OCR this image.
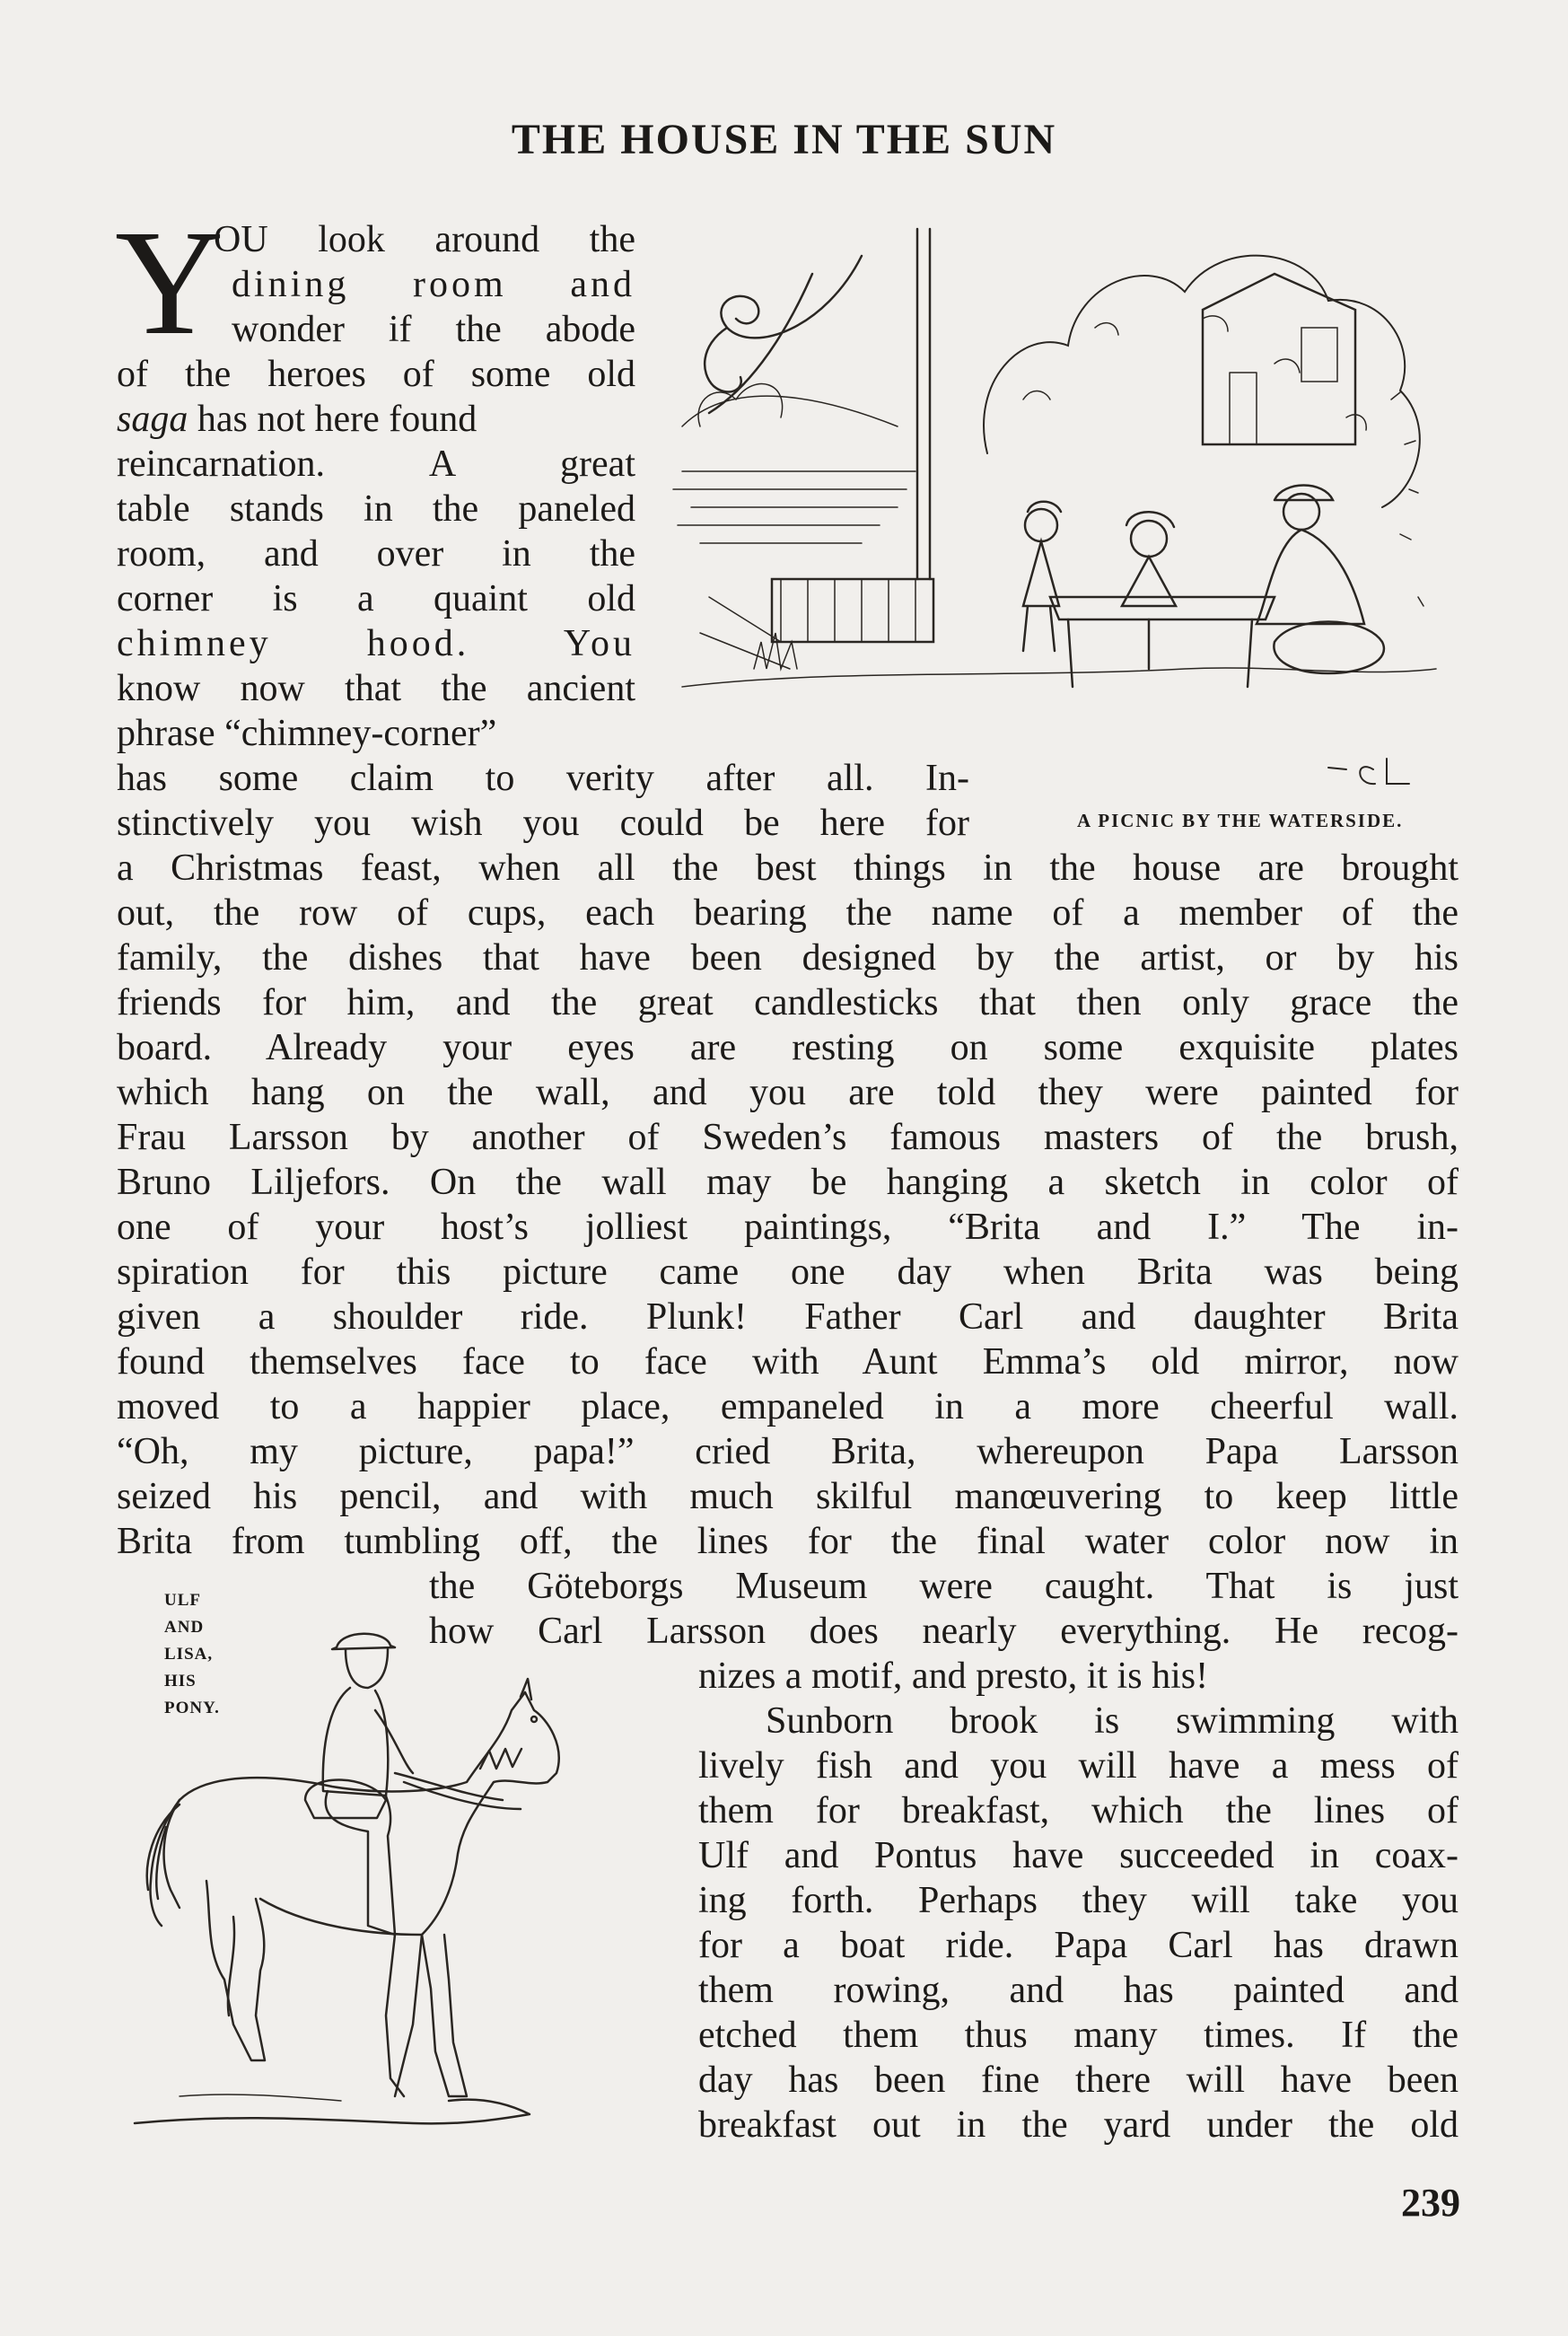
THE HOUSE IN THE SUN
Y
OU look around the
dining room and
wonder if the abode
of the heroes of some old
saga has not here found
reincarnation. A great
table stands in the paneled
room, and over in the
corner is a quaint old
chimney hood. You
know now that the ancient
phrase “chimney-corner”
has some claim to verity after all. In-
stinctively you wish you could be here for	A PICNIC BY THE WATERSIDE.
a Christmas feast, when all the best things in the house are brought
out, the row of cups, each bearing the name of a member of the
family, the dishes that have been designed by the artist, or by his
friends for him, and the great candlesticks that then only grace the
board. Already your eyes are resting on some exquisite plates
which hang on the wall, and you are told they were painted for
Frau Larsson by another of Sweden’s famous masters of the brush,
Bruno Liljefors. On the wall may be hanging a sketch in color of
one of your host’s jolliest paintings, “Brita and I.” The in-
spiration for this picture came one day when Brita was being
given a shoulder ride. Plunk! Father Carl and daughter Brita
found themselves face to face with Aunt Emma’s old mirror, now
moved to a happier place, empaneled in a more cheerful wall.
“Oh, my picture, papa!” cried Brita, whereupon Papa Larsson
seized his pencil, and with much skilful manœuvering to keep little
Brita from tumbling off, the lines for the final water color now in
the Göteborgs Museum were caught. That is just
how Carl Larsson does nearly everything. He recog-
nizes a motif, and presto, it is his!
ULF
AND
LISA,
HIS
PONY.	Sunborn brook is swimming with
lively fish and you will have a mess of
them for breakfast, which the lines of
Ulf and Pontus have succeeded in coax-
ing forth. Perhaps they will take you
for a boat ride. Papa Carl has drawn
them rowing, and has painted and
etched them thus many times. If the
day has been fine there will have been
breakfast out in the yard under the old
239
